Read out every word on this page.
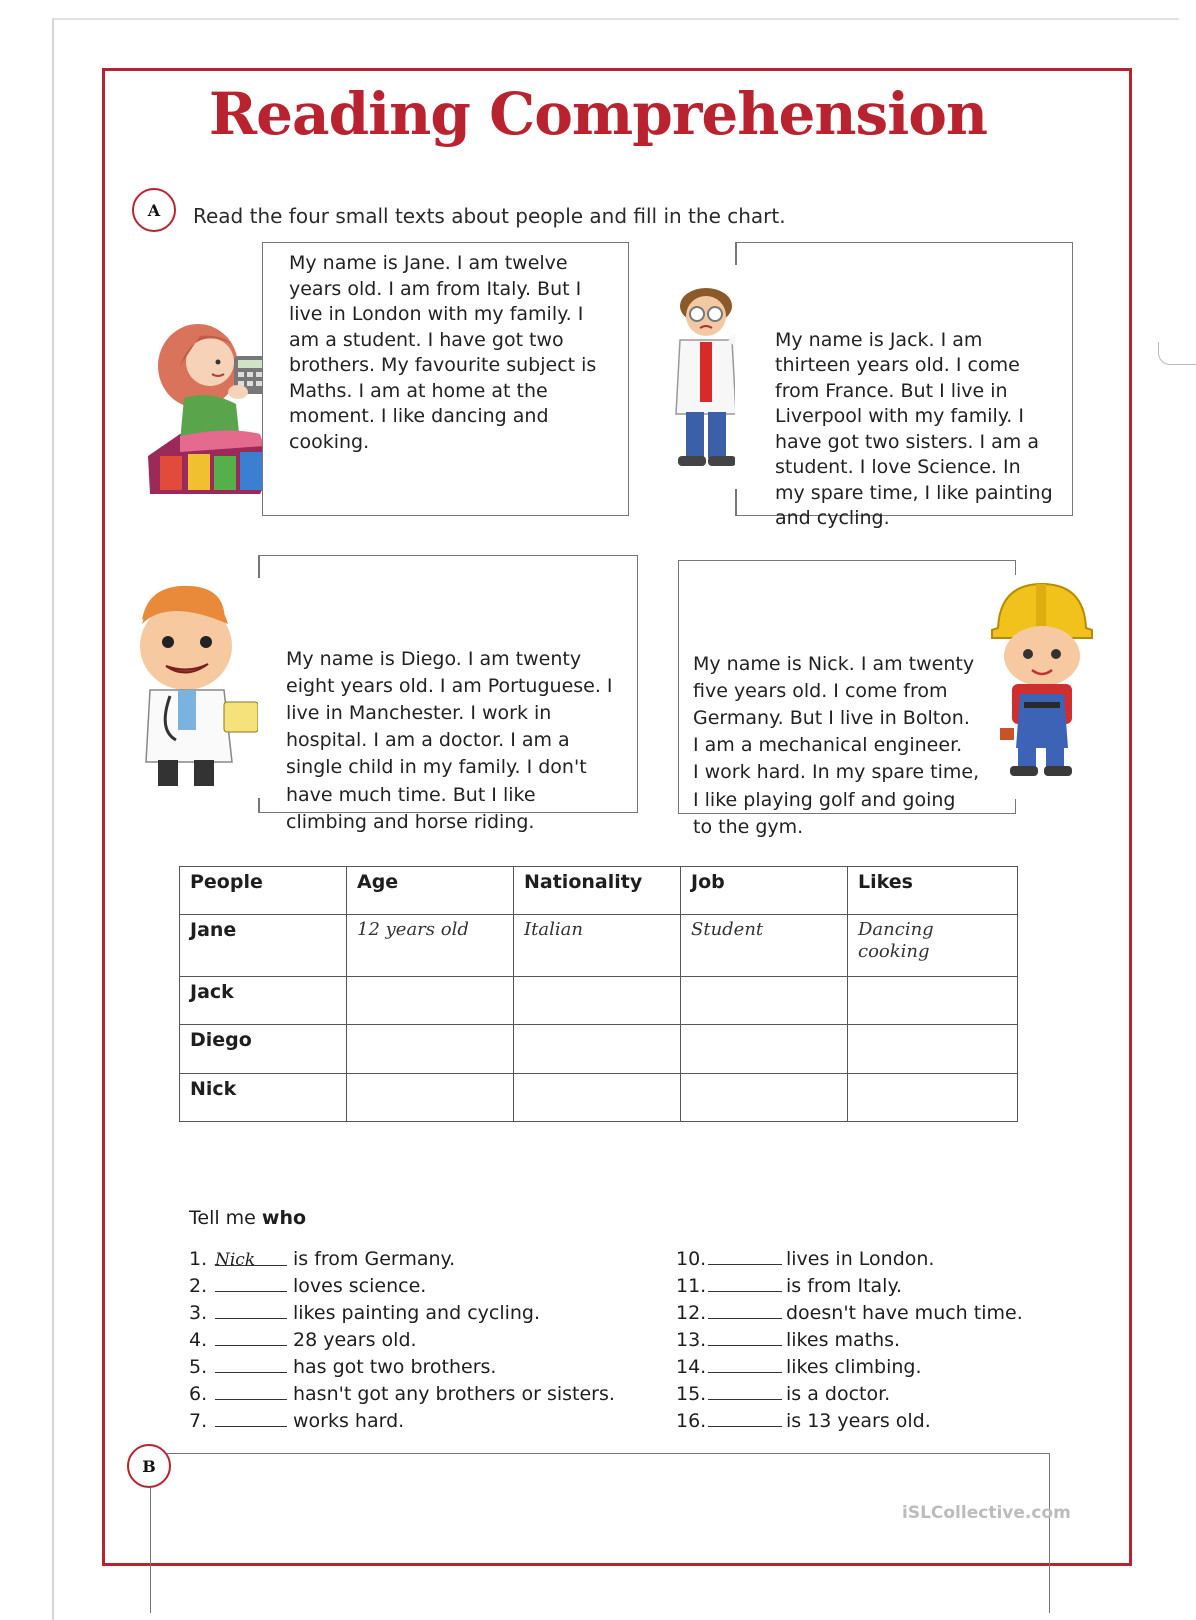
Reading Comprehension
A	Read the four small texts about people and fill in the chart.
My name is Jane. I am twelve
years old. I am from Italy. But I
live in London with my family. I
am a student. I have got two
brothers. My favourite subject is
Maths. I am at home at the
moment. I like dancing and
cooking.

My name is Jack. I am
thirteen years old. I come
from France. But I live in
Liverpool with my family. I
have got two sisters. I am a
student. I love Science. In
my spare time, I like painting
and cycling.

My name is Diego. I am twenty
eight years old. I am Portuguese. I
live in Manchester. I work in
hospital. I am a doctor. I am a
single child in my family. I don't
have much time. But I like
climbing and horse riding.

My name is Nick. I am twenty
five years old. I come from
Germany. But I live in Bolton.
I am a mechanical engineer.
I work hard. In my spare time,
I like playing golf and going
to the gym.

People	Age	Nationality	Job	Likes
Jane	12 years old	Italian	Student	Dancing
cooking
Jack				
Diego				
Nick				
Tell me who
1. Nick is from Germany.
2.	loves science.
3.	likes painting and cycling.
4.	28 years old.
5.	has got two brothers.
6.	hasn't got any brothers or sisters.
7.	works hard.
10.	lives in London.
11.	is from Italy.
12.	doesn't have much time.
13.	likes maths.
14.	likes climbing.
15.	is a doctor.
16.	is 13 years old.
B
iSLCollective.com
